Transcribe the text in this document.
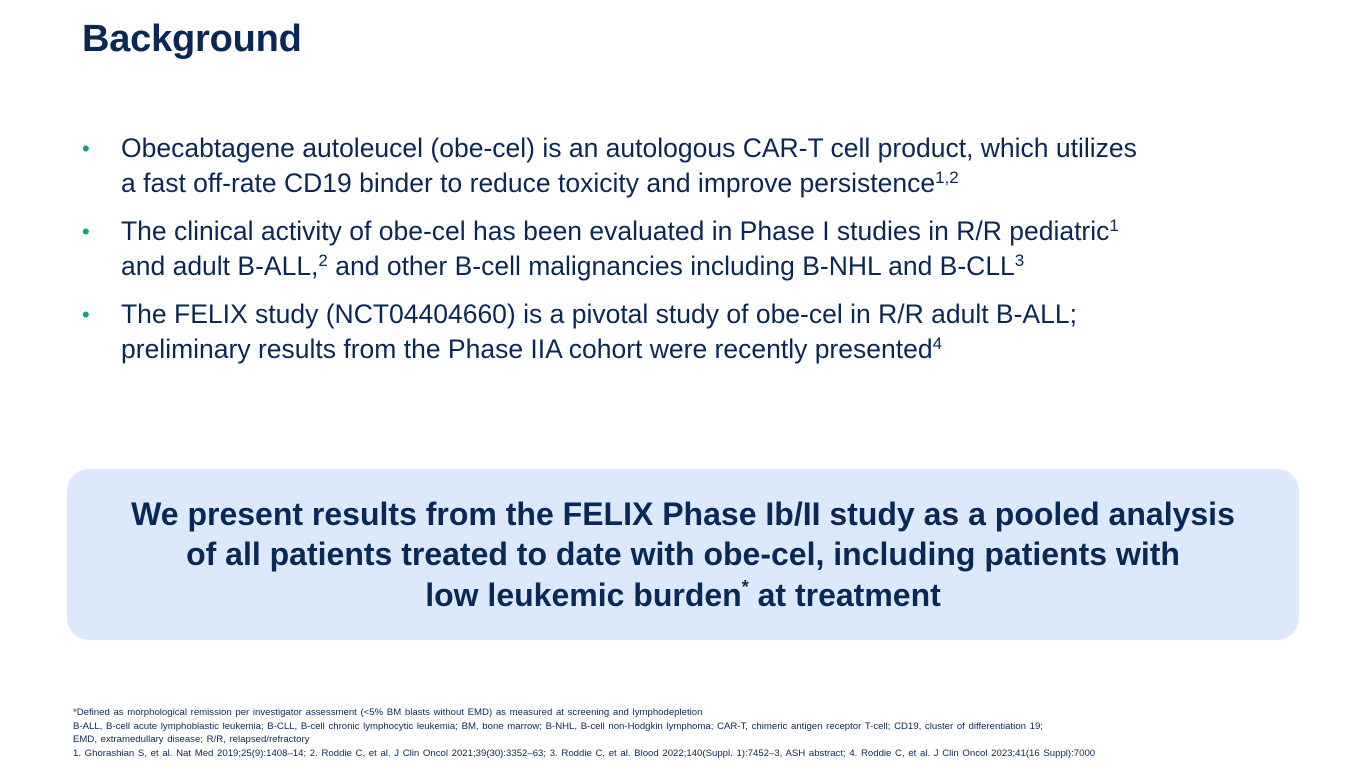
Background
• Obecabtagene autoleucel (obe-cel) is an autologous CAR-T cell product, which utilizes
a fast off-rate CD19 binder to reduce toxicity and improve persistence$^{1,2}$
• The clinical activity of obe-cel has been evaluated in Phase I studies in R/R pediatric$^1$
and adult B-ALL,$^2$ and other B-cell malignancies including B-NHL and B-CLL$^3$
• The FELIX study (NCT04404660) is a pivotal study of obe-cel in R/R adult B-ALL;
preliminary results from the Phase IIA cohort were recently presented$^4$

We present results from the FELIX Phase Ib/II study as a pooled analysis
of all patients treated to date with obe-cel, including patients with
low leukemic burden* at treatment

*Defined as morphological remission per investigator assessment (<5% BM blasts without EMD) as measured at screening and lymphodepletion
B-ALL, B-cell acute lymphoblastic leukemia; B-CLL, B-cell chronic lymphocytic leukemia; BM, bone marrow; B-NHL, B-cell non-Hodgkin lymphoma; CAR-T, chimeric antigen receptor T-cell; CD19, cluster of differentiation 19;
EMD, extramedullary disease; R/R, relapsed/refractory
1. Ghorashian S, et al. Nat Med 2019;25(9):1408–14; 2. Roddie C, et al. J Clin Oncol 2021;39(30):3352–63; 3. Roddie C, et al. Blood 2022;140(Suppl. 1):7452–3, ASH abstract; 4. Roddie C, et al. J Clin Oncol 2023;41(16 Suppl):7000
